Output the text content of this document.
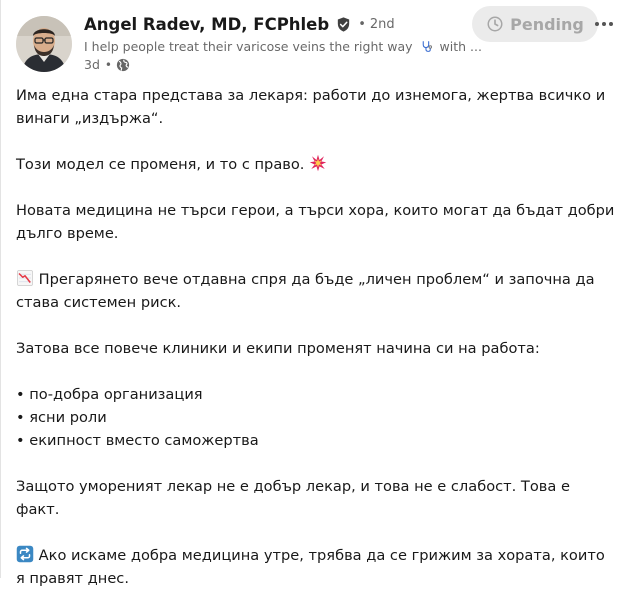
Angel Radev, MD, FCPhleb • 2nd
I help people treat their varicose veins the right way with ...
3d •
Pending

Има една стара представа за лекаря: работи до изнемога, жертва всичко и винаги „издържа“.

Този модел се променя, и то с право.

Новата медицина не търси герои, а търси хора, които могат да бъдат добри дълго време.

Прегарянето вече отдавна спря да бъде „личен проблем“ и започна да става системен риск.

Затова все повече клиники и екипи променят начина си на работа:

• по-добра организация

• ясни роли

• екипност вместо саможертва

Защото умореният лекар не е добър лекар, и това не е слабост. Това е факт.

Ако искаме добра медицина утре, трябва да се грижим за хората, които я правят днес.
